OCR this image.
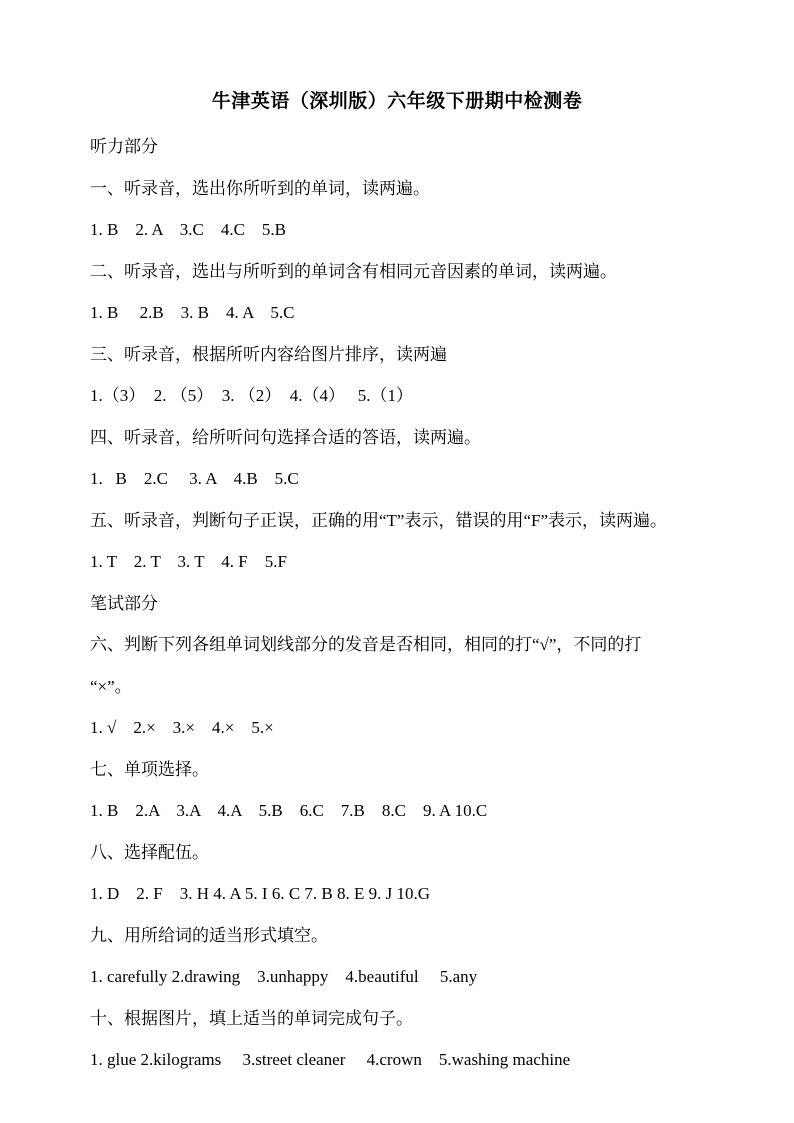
牛津英语（深圳版）六年级下册期中检测卷
听力部分
一、听录音，选出你所听到的单词，读两遍。
1. B    2. A    3.C    4.C    5.B
二、听录音，选出与所听到的单词含有相同元音因素的单词，读两遍。
1. B     2.B    3. B    4. A    5.C
三、听录音，根据所听内容给图片排序，读两遍
1.（3）  2. （5）  3. （2）  4.（4）   5.（1）
四、听录音，给所听问句选择合适的答语，读两遍。
1.   B    2.C     3. A    4.B    5.C
五、听录音，判断句子正误，正确的用“T”表示，错误的用“F”表示，读两遍。
1. T    2. T    3. T    4. F    5.F
笔试部分
六、判断下列各组单词划线部分的发音是否相同，相同的打“√”，不同的打
“×”。
1. √    2.×    3.×    4.×    5.×
七、单项选择。
1. B    2.A    3.A    4.A    5.B    6.C    7.B    8.C    9. A 10.C
八、选择配伍。
1. D    2. F    3. H 4. A 5. I 6. C 7. B 8. E 9. J 10.G
九、用所给词的适当形式填空。
1. carefully 2.drawing    3.unhappy    4.beautiful     5.any
十、根据图片，填上适当的单词完成句子。
1. glue 2.kilograms     3.street cleaner     4.crown    5.washing machine
